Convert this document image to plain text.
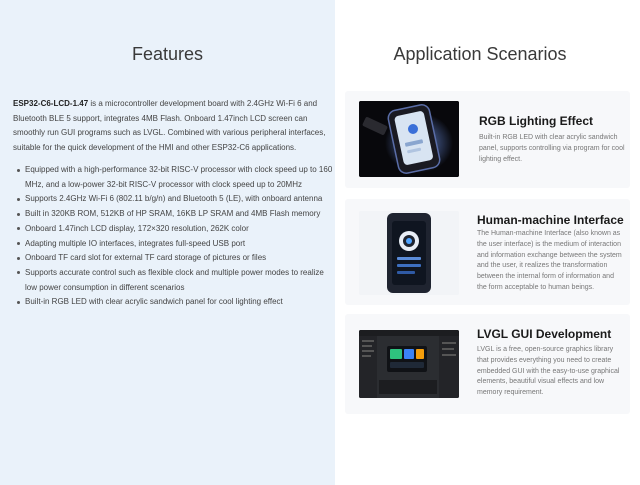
Features

ESP32-C6-LCD-1.47 is a microcontroller development board with 2.4GHz Wi-Fi 6 and Bluetooth BLE 5 support, integrates 4MB Flash. Onboard 1.47inch LCD screen can smoothly run GUI programs such as LVGL. Combined with various peripheral interfaces, suitable for the quick development of the HMI and other ESP32-C6 applications.

Equipped with a high-performance 32-bit RISC-V processor with clock speed up to 160 MHz, and a low-power 32-bit RISC-V processor with clock speed up to 20MHz
Supports 2.4GHz Wi-Fi 6 (802.11 b/g/n) and Bluetooth 5 (LE), with onboard antenna
Built in 320KB ROM, 512KB of HP SRAM, 16KB LP SRAM and 4MB Flash memory
Onboard 1.47inch LCD display, 172×320 resolution, 262K color
Adapting multiple IO interfaces, integrates full-speed USB port
Onboard TF card slot for external TF card storage of pictures or files
Supports accurate control such as flexible clock and multiple power modes to realize low power consumption in different scenarios
Built-in RGB LED with clear acrylic sandwich panel for cool lighting effect
Application Scenarios
RGB Lighting Effect
Built-in RGB LED with clear acrylic sandwich panel, supports controlling via program for cool lighting effect.
Human-machine Interface
The Human-machine Interface (also known as the user interface) is the medium of interaction and information exchange between the system and the user, it realizes the transformation between the internal form of information and the form acceptable to human beings.
LVGL GUI Development
LVGL is a free, open-source graphics library that provides everything you need to create embedded GUI with the easy-to-use graphical elements, beautiful visual effects and low memory requirement.
